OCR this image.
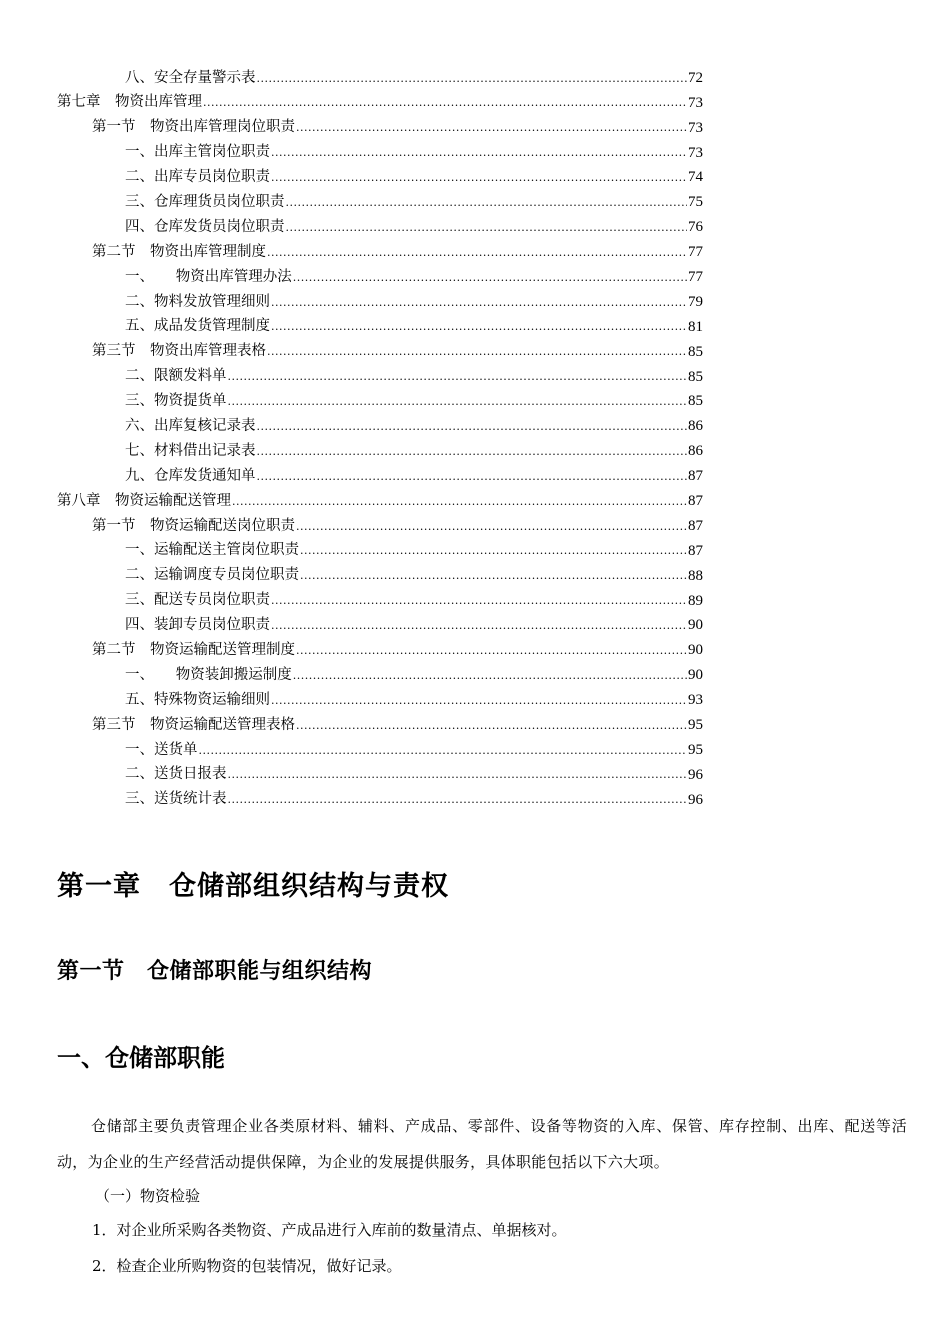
八、安全存量警示表 .....	72
第七章　物资出库管理 .....	73
第一节　物资出库管理岗位职责 .....	73
一、出库主管岗位职责 .....	73
二、出库专员岗位职责 .....	74
三、仓库理货员岗位职责 .....	75
四、仓库发货员岗位职责 .....	76
第二节　物资出库管理制度 .....	77
一、　　物资出库管理办法 .....	77
二、物料发放管理细则 .....	79
五、成品发货管理制度 .....	81
第三节　物资出库管理表格 .....	85
二、限额发料单 .....	85
三、物资提货单 .....	85
六、出库复核记录表 .....	86
七、材料借出记录表 .....	86
九、仓库发货通知单 .....	87
第八章　物资运输配送管理 .....	87
第一节　物资运输配送岗位职责 .....	87
一、运输配送主管岗位职责 .....	87
二、运输调度专员岗位职责 .....	88
三、配送专员岗位职责 .....	89
四、装卸专员岗位职责 .....	90
第二节　物资运输配送管理制度 .....	90
一、　　物资装卸搬运制度 .....	90
五、特殊物资运输细则 .....	93
第三节　物资运输配送管理表格 .....	95
一、送货单 .....	95
二、送货日报表 .....	96
三、送货统计表 .....	96
第一章　仓储部组织结构与责权
第一节　仓储部职能与组织结构
一、仓储部职能
仓储部主要负责管理企业各类原材料、辅料、产成品、零部件、设备等物资的入库、保管、库存控制、出库、配送等活动，为企业的生产经营活动提供保障，为企业的发展提供服务，具体职能包括以下六大项。
（一）物资检验
1．对企业所采购各类物资、产成品进行入库前的数量清点、单据核对。
2．检查企业所购物资的包装情况，做好记录。
